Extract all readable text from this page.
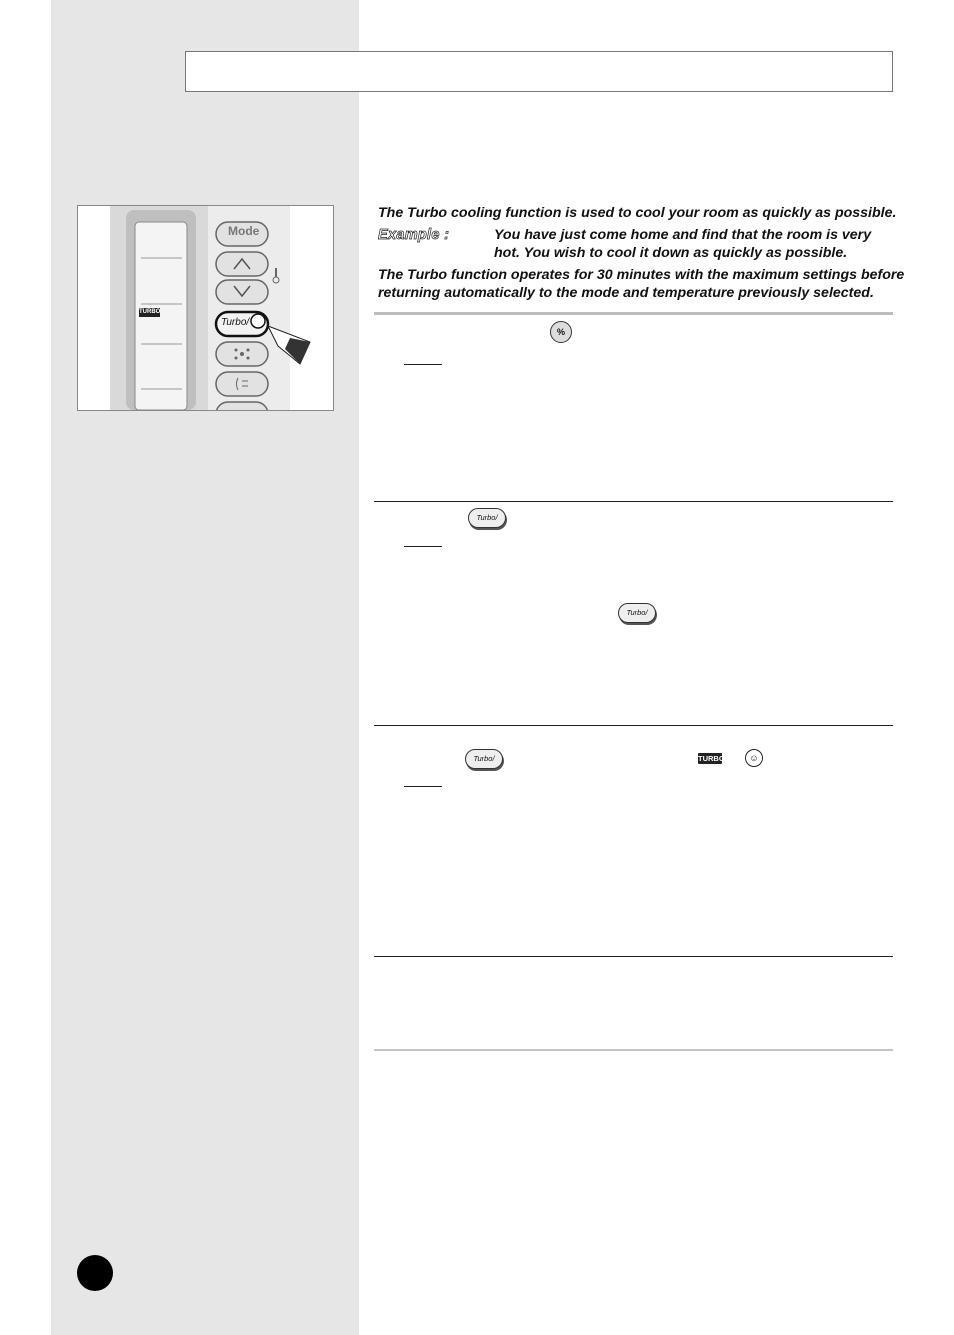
Mode
Turbo/
TURBO

The Turbo cooling function is used to cool your room as quickly as possible.

Example :	You have just come home and find that the room is very hot. You wish to cool it down as quickly as possible.

The Turbo function operates for 30 minutes with the maximum settings before returning automatically to the mode and temperature previously selected.

%
Turbo/
Turbo/
Turbo/	TURBO	☺
